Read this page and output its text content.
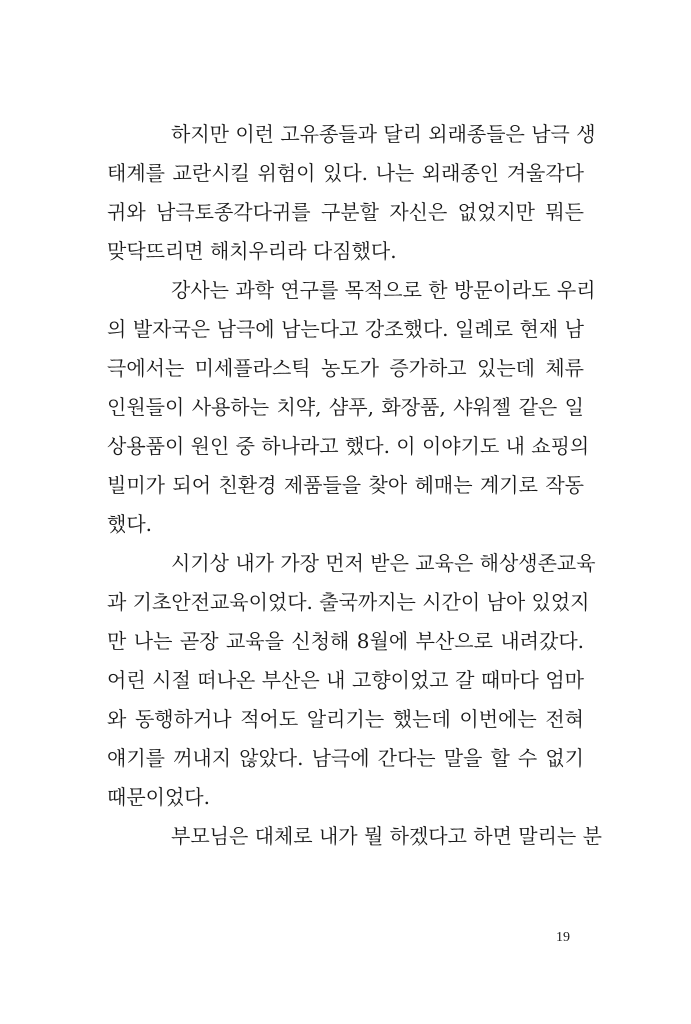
하지만 이런 고유종들과 달리 외래종들은 남극 생
태계를 교란시킬 위험이 있다. 나는 외래종인 겨울각다
귀와 남극토종각다귀를 구분할 자신은 없었지만 뭐든
맞닥뜨리면 해치우리라 다짐했다.
강사는 과학 연구를 목적으로 한 방문이라도 우리
의 발자국은 남극에 남는다고 강조했다. 일례로 현재 남
극에서는 미세플라스틱 농도가 증가하고 있는데 체류
인원들이 사용하는 치약, 샴푸, 화장품, 샤워젤 같은 일
상용품이 원인 중 하나라고 했다. 이 이야기도 내 쇼핑의
빌미가 되어 친환경 제품들을 찾아 헤매는 계기로 작동
했다.
시기상 내가 가장 먼저 받은 교육은 해상생존교육
과 기초안전교육이었다. 출국까지는 시간이 남아 있었지
만 나는 곧장 교육을 신청해 8월에 부산으로 내려갔다.
어린 시절 떠나온 부산은 내 고향이었고 갈 때마다 엄마
와 동행하거나 적어도 알리기는 했는데 이번에는 전혀
얘기를 꺼내지 않았다. 남극에 간다는 말을 할 수 없기
때문이었다.
부모님은 대체로 내가 뭘 하겠다고 하면 말리는 분
19
